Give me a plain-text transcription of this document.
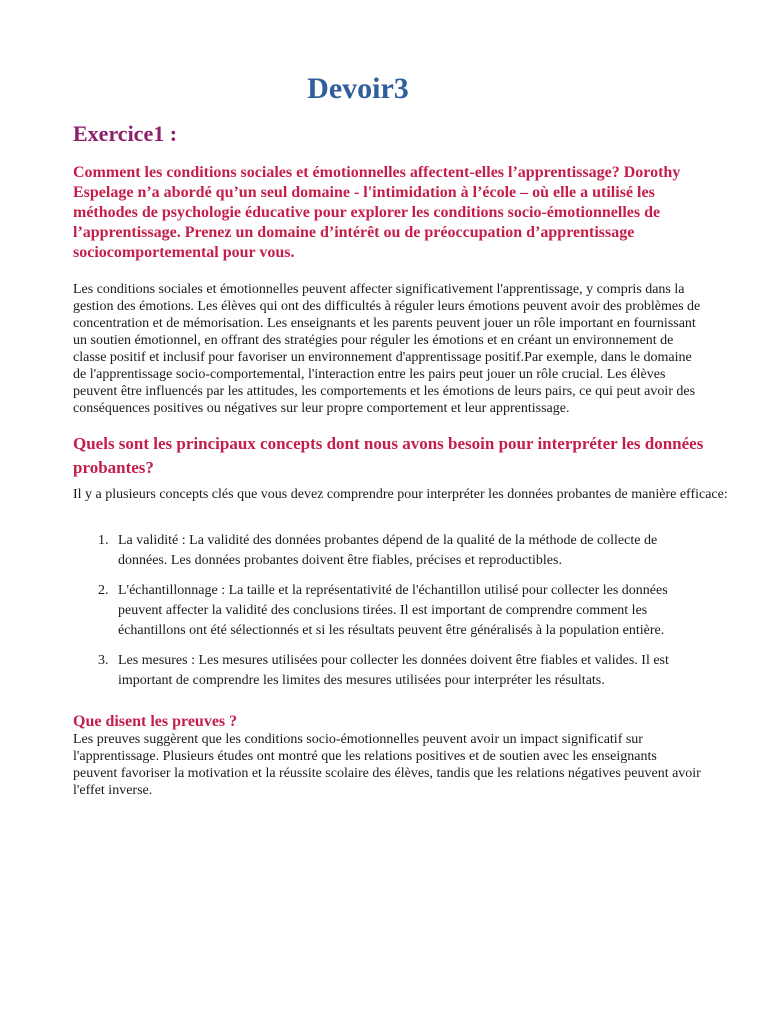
Devoir3
Exercice1 :

Comment les conditions sociales et émotionnelles affectent-elles l’apprentissage? Dorothy Espelage n’a abordé qu’un seul domaine - l'intimidation à l’école – où elle a utilisé les méthodes de psychologie éducative pour explorer les conditions socio-émotionnelles de l’apprentissage. Prenez un domaine d’intérêt ou de préoccupation d’apprentissage sociocomportemental pour vous.

Les conditions sociales et émotionnelles peuvent affecter significativement l'apprentissage, y compris dans la gestion des émotions. Les élèves qui ont des difficultés à réguler leurs émotions peuvent avoir des problèmes de concentration et de mémorisation. Les enseignants et les parents peuvent jouer un rôle important en fournissant un soutien émotionnel, en offrant des stratégies pour réguler les émotions et en créant un environnement de classe positif et inclusif pour favoriser un environnement d'apprentissage positif.Par exemple, dans le domaine de l'apprentissage socio-comportemental, l'interaction entre les pairs peut jouer un rôle crucial. Les élèves peuvent être influencés par les attitudes, les comportements et les émotions de leurs pairs, ce qui peut avoir des conséquences positives ou négatives sur leur propre comportement et leur apprentissage.

Quels sont les principaux concepts dont nous avons besoin pour interpréter les données probantes?

Il y a plusieurs concepts clés que vous devez comprendre pour interpréter les données probantes de manière efficace:

1. La validité : La validité des données probantes dépend de la qualité de la méthode de collecte de données. Les données probantes doivent être fiables, précises et reproductibles.
2. L'échantillonnage : La taille et la représentativité de l'échantillon utilisé pour collecter les données peuvent affecter la validité des conclusions tirées. Il est important de comprendre comment les échantillons ont été sélectionnés et si les résultats peuvent être généralisés à la population entière.
3. Les mesures : Les mesures utilisées pour collecter les données doivent être fiables et valides. Il est important de comprendre les limites des mesures utilisées pour interpréter les résultats.
Que disent les preuves ?

Les preuves suggèrent que les conditions socio-émotionnelles peuvent avoir un impact significatif sur l'apprentissage. Plusieurs études ont montré que les relations positives et de soutien avec les enseignants peuvent favoriser la motivation et la réussite scolaire des élèves, tandis que les relations négatives peuvent avoir l'effet inverse.
